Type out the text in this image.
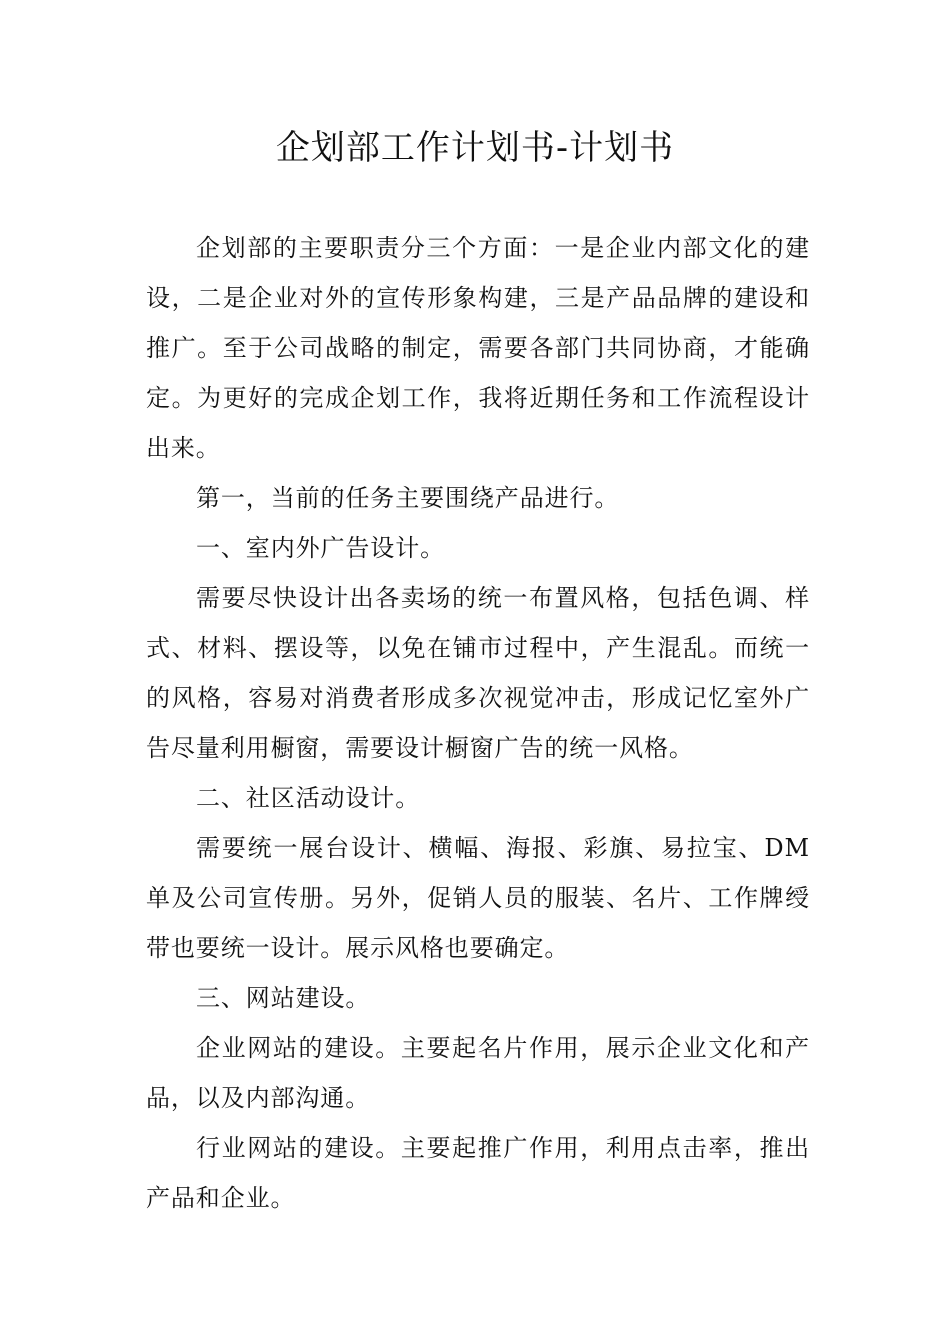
企划部工作计划书-计划书

企划部的主要职责分三个方面：一是企业内部文化的建设，二是企业对外的宣传形象构建，三是产品品牌的建设和推广。至于公司战略的制定，需要各部门共同协商，才能确定。为更好的完成企划工作，我将近期任务和工作流程设计出来。

第一，当前的任务主要围绕产品进行。

一、室内外广告设计。

需要尽快设计出各卖场的统一布置风格，包括色调、样式、材料、摆设等，以免在铺市过程中，产生混乱。而统一的风格，容易对消费者形成多次视觉冲击，形成记忆室外广告尽量利用橱窗，需要设计橱窗广告的统一风格。

二、社区活动设计。

需要统一展台设计、横幅、海报、彩旗、易拉宝、DM单及公司宣传册。另外，促销人员的服装、名片、工作牌绶带也要统一设计。展示风格也要确定。

三、网站建设。

企业网站的建设。主要起名片作用，展示企业文化和产品，以及内部沟通。

行业网站的建设。主要起推广作用，利用点击率，推出产品和企业。
